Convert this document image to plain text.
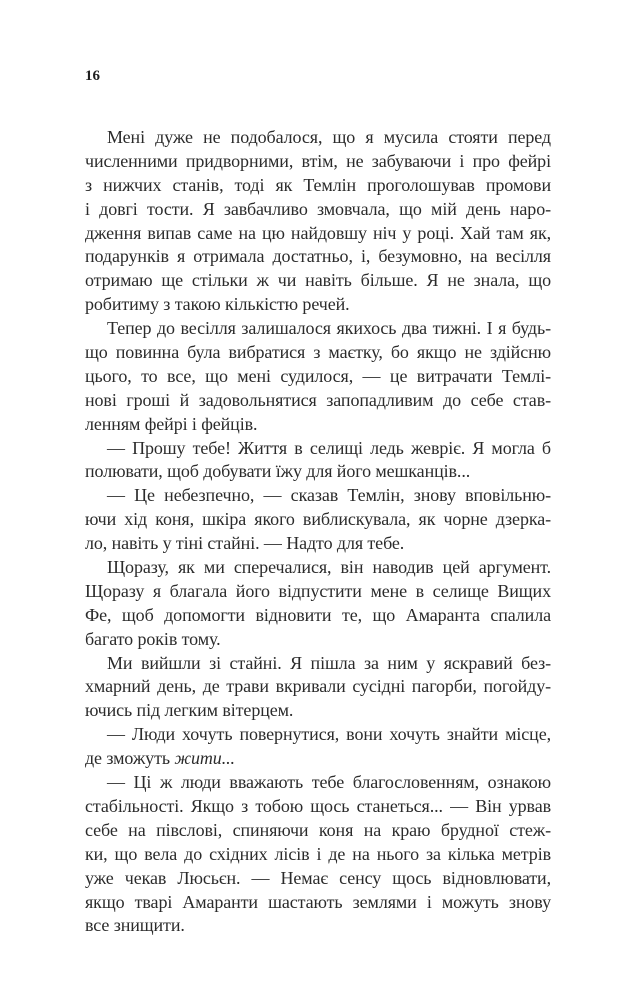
16
Мені дуже не подобалося, що я мусила стояти перед
численними придворними, втім, не забуваючи і про фейрі
з нижчих станів, тоді як Темлін проголошував промови
і довгі тости. Я завбачливо змовчала, що мій день наро-
дження випав саме на цю найдовшу ніч у році. Хай там як,
подарунків я отримала достатньо, і, безумовно, на весілля
отримаю ще стільки ж чи навіть більше. Я не знала, що
робитиму з такою кількістю речей.
Тепер до весілля залишалося якихось два тижні. І я будь-
що повинна була вибратися з маєтку, бо якщо не здійсню
цього, то все, що мені судилося, — це витрачати Темлі-
нові гроші й задовольнятися запопадливим до себе став-
ленням фейрі і фейців.
— Прошу тебе! Життя в селищі ледь жевріє. Я могла б
полювати, щоб добувати їжу для його мешканців...
— Це небезпечно, — сказав Темлін, знову вповільню-
ючи хід коня, шкіра якого виблискувала, як чорне дзерка-
ло, навіть у тіні стайні. — Надто для тебе.
Щоразу, як ми сперечалися, він наводив цей аргумент.
Щоразу я благала його відпустити мене в селище Вищих
Фе, щоб допомогти відновити те, що Амаранта спалила
багато років тому.
Ми вийшли зі стайні. Я пішла за ним у яскравий без-
хмарний день, де трави вкривали сусідні пагорби, погойду-
ючись під легким вітерцем.
— Люди хочуть повернутися, вони хочуть знайти місце,
де зможуть жити...
— Ці ж люди вважають тебе благословенням, ознакою
стабільності. Якщо з тобою щось станеться... — Він урвав
себе на півслові, спиняючи коня на краю брудної стеж-
ки, що вела до східних лісів і де на нього за кілька метрів
уже чекав Люсьєн. — Немає сенсу щось відновлювати,
якщо тварі Амаранти шастають землями і можуть знову
все знищити.
